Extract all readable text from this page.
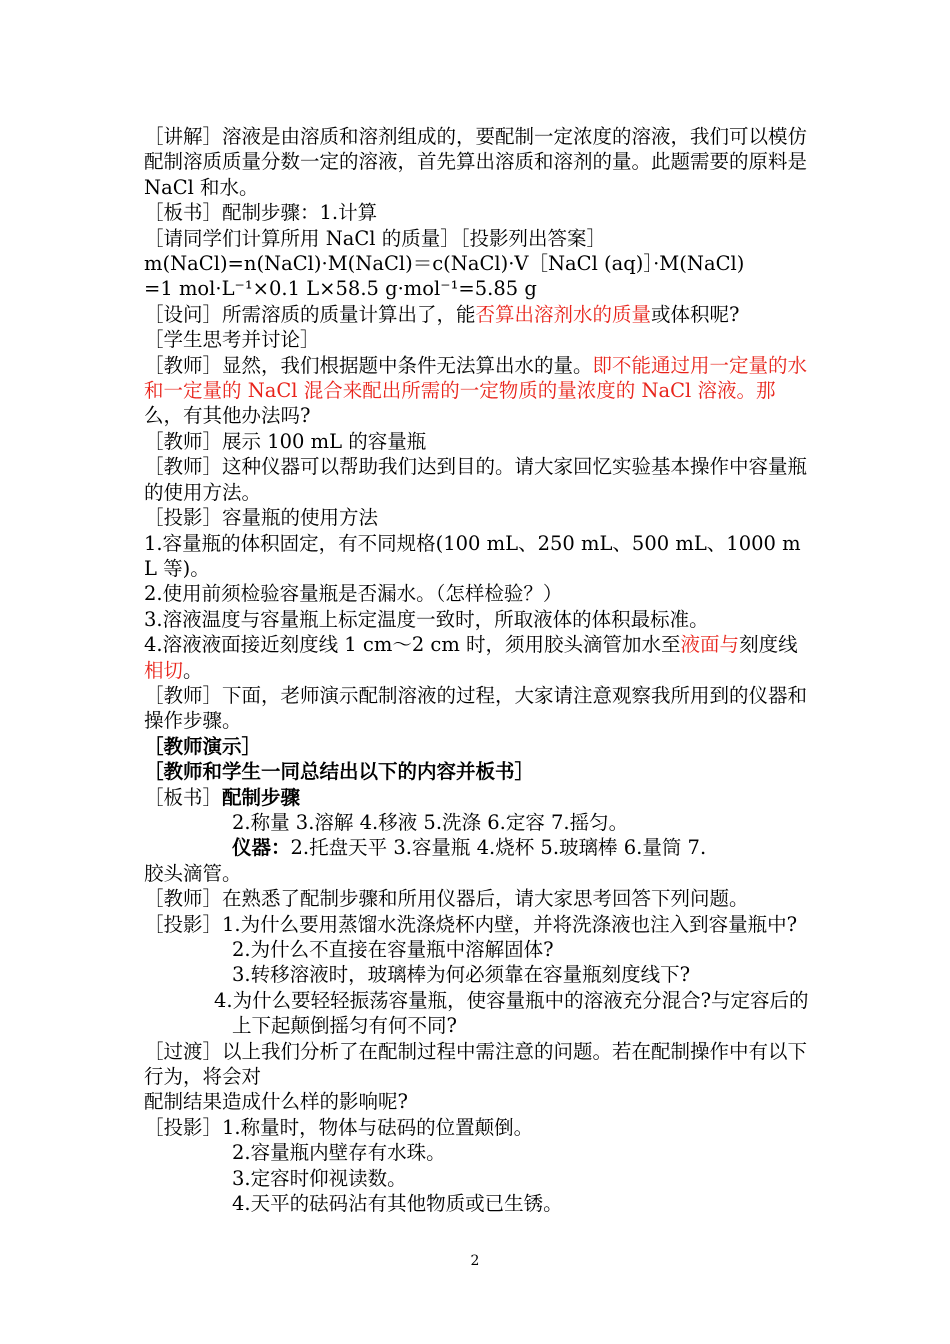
［讲解］溶液是由溶质和溶剂组成的，要配制一定浓度的溶液，我们可以模仿配制溶质质量分数一定的溶液，首先算出溶质和溶剂的量。此题需要的原料是 NaCl 和水。

［板书］配制步骤：1.计算

［请同学们计算所用 NaCl 的质量］［投影列出答案］

m(NaCl)=n(NaCl)·M(NaCl)＝c(NaCl)·V［NaCl (aq)］·M(NaCl)

=1 mol·L⁻¹×0.1 L×58.5 g·mol⁻¹=5.85 g

［设问］所需溶质的质量计算出了，能否算出溶剂水的质量或体积呢?

［学生思考并讨论］

［教师］显然，我们根据题中条件无法算出水的量。即不能通过用一定量的水和一定量的 NaCl 混合来配出所需的一定物质的量浓度的 NaCl 溶液。那么，有其他办法吗?

［教师］展示 100 mL 的容量瓶

［教师］这种仪器可以帮助我们达到目的。请大家回忆实验基本操作中容量瓶的使用方法。

［投影］容量瓶的使用方法

1.容量瓶的体积固定，有不同规格(100 mL、250 mL、500 mL、1000 mL 等)。

2.使用前须检验容量瓶是否漏水。（怎样检验？）

3.溶液温度与容量瓶上标定温度一致时，所取液体的体积最标准。

4.溶液液面接近刻度线 1 cm～2 cm 时，须用胶头滴管加水至液面与刻度线相切。

［教师］下面，老师演示配制溶液的过程，大家请注意观察我所用到的仪器和操作步骤。

［教师演示］

［教师和学生一同总结出以下的内容并板书］

［板书］配制步骤

2.称量 3.溶解 4.移液 5.洗涤 6.定容 7.摇匀。

仪器：2.托盘天平 3.容量瓶 4.烧杯 5.玻璃棒 6.量筒 7.

胶头滴管。

［教师］在熟悉了配制步骤和所用仪器后，请大家思考回答下列问题。

［投影］1.为什么要用蒸馏水洗涤烧杯内壁，并将洗涤液也注入到容量瓶中?

2.为什么不直接在容量瓶中溶解固体?

3.转移溶液时，玻璃棒为何必须靠在容量瓶刻度线下?

4.为什么要轻轻振荡容量瓶，使容量瓶中的溶液充分混合?与定容后的上下起颠倒摇匀有何不同?

［过渡］以上我们分析了在配制过程中需注意的问题。若在配制操作中有以下行为，将会对

配制结果造成什么样的影响呢?

［投影］1.称量时，物体与砝码的位置颠倒。

2.容量瓶内壁存有水珠。

3.定容时仰视读数。

4.天平的砝码沾有其他物质或已生锈。

2
